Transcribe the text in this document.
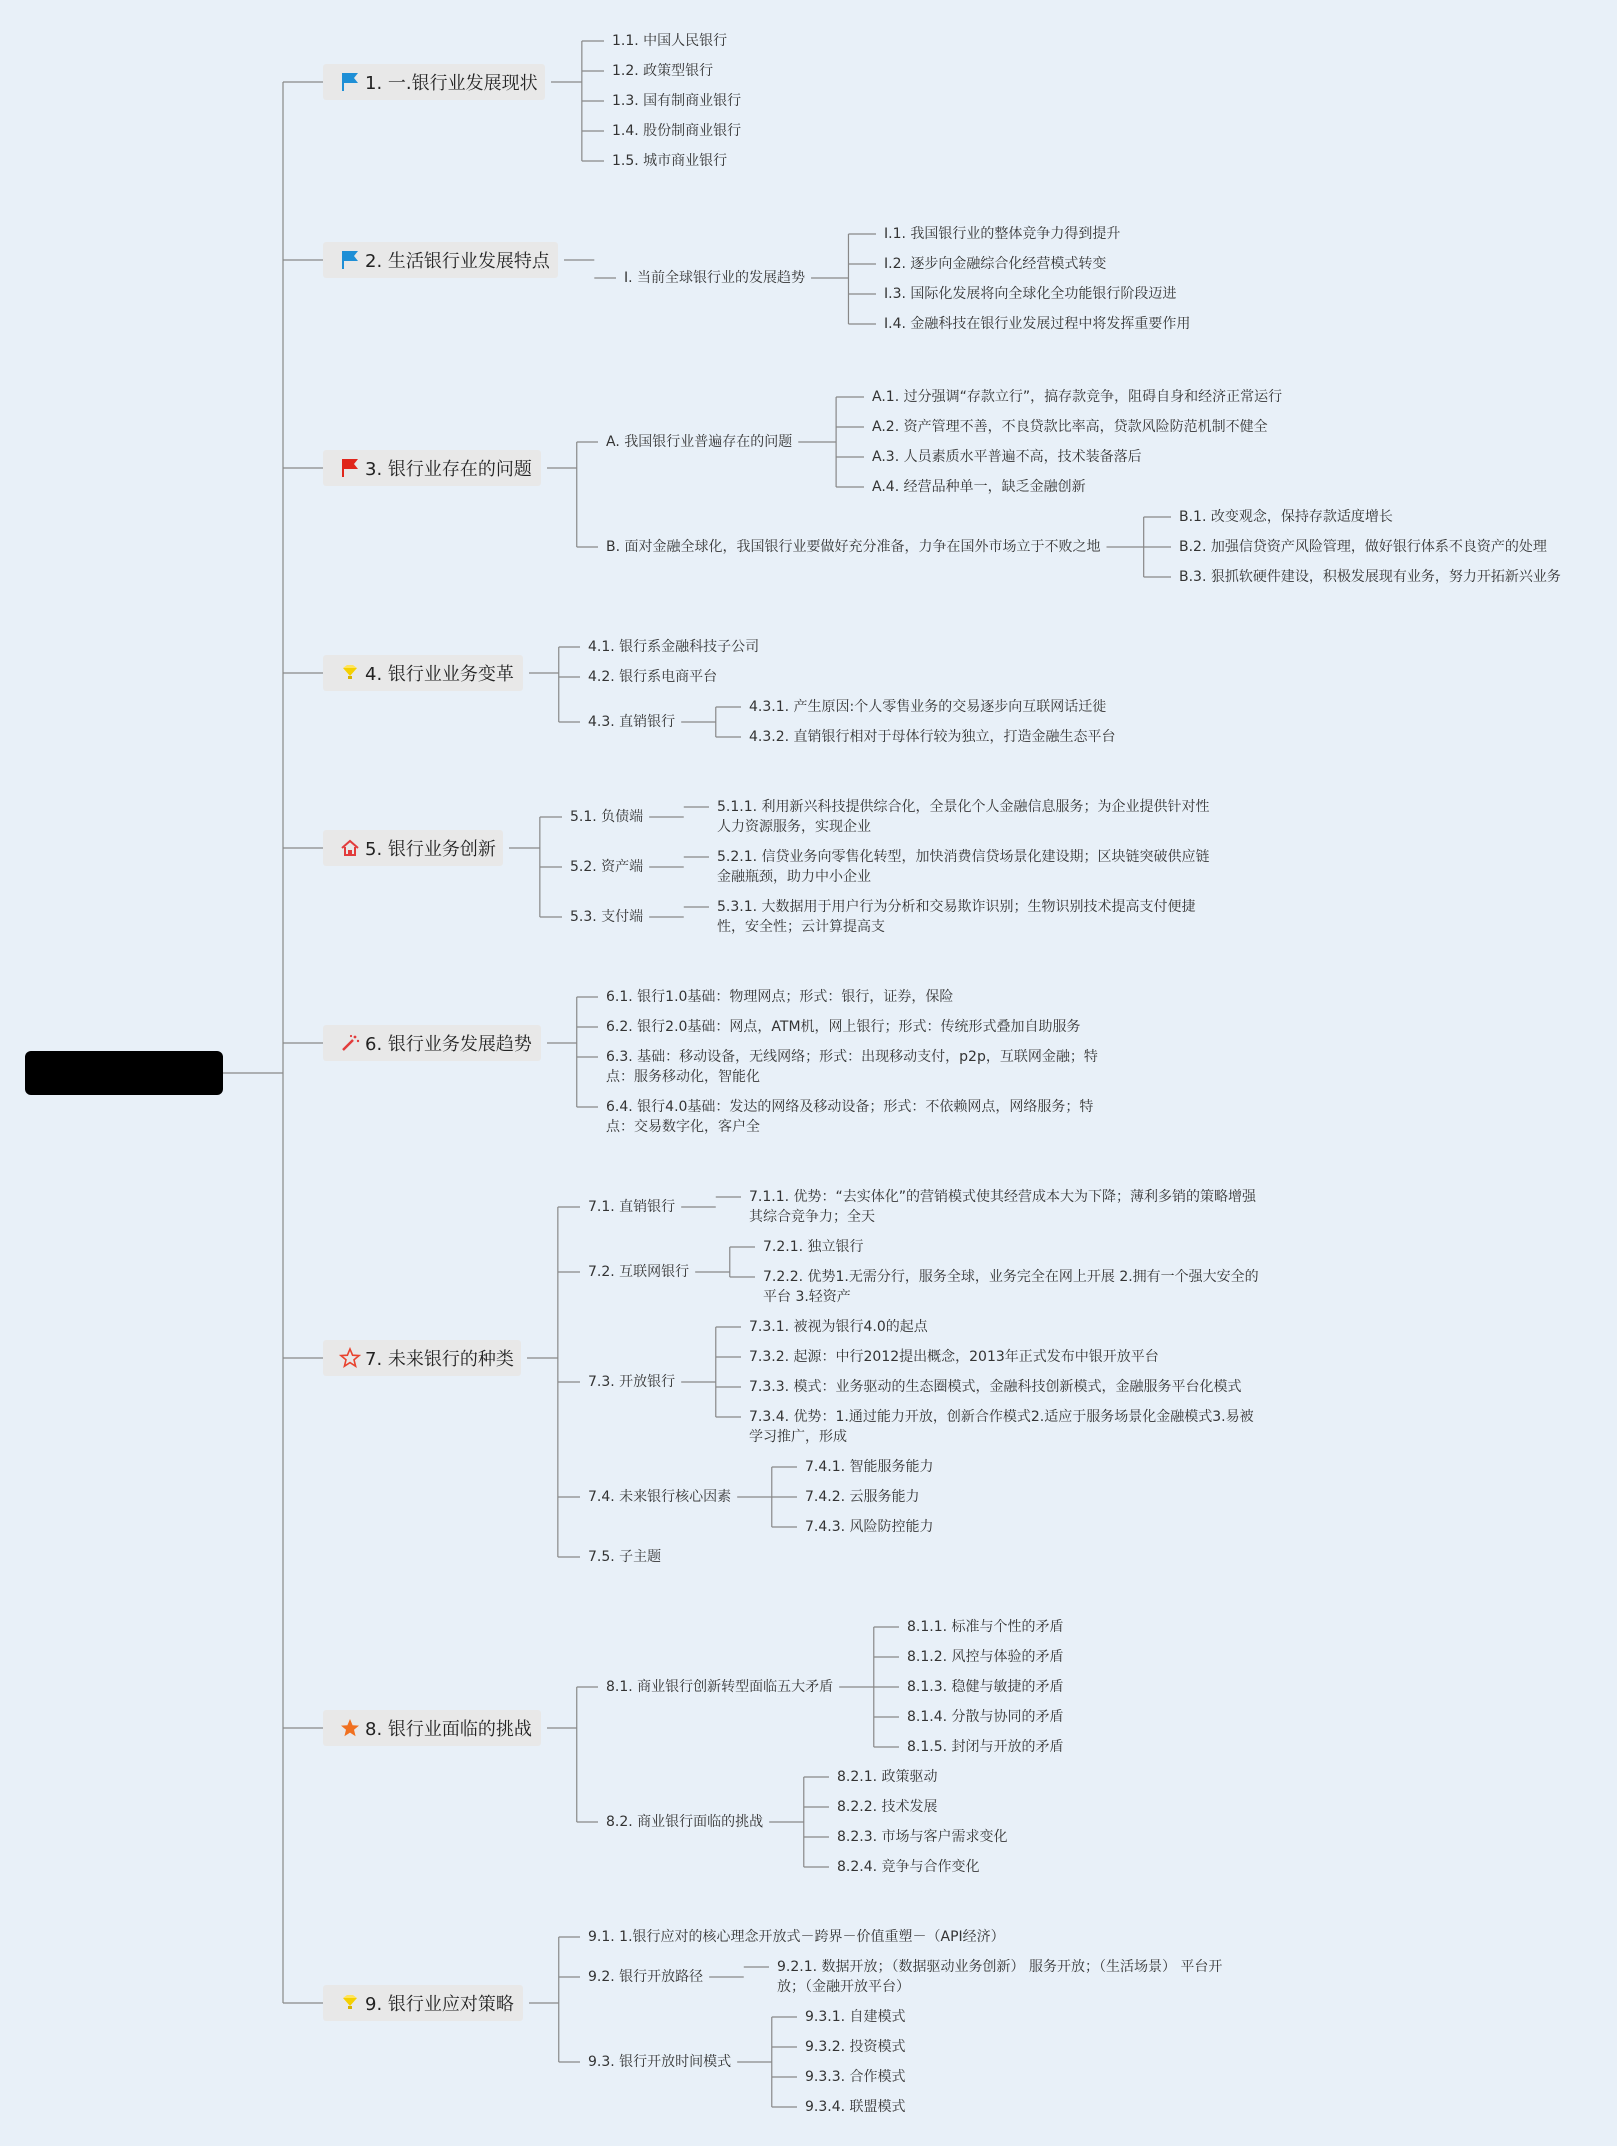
1. 一.银行业发展现状
2. 生活银行业发展特点
3. 银行业存在的问题
4. 银行业业务变革
5. 银行业务创新
6. 银行业务发展趋势
7. 未来银行的种类
8. 银行业面临的挑战
9. 银行业应对策略
1.1. 中国人民银行
1.2. 政策型银行
1.3. 国有制商业银行
1.4. 股份制商业银行
1.5. 城市商业银行
I. 当前全球银行业的发展趋势
I.1. 我国银行业的整体竞争力得到提升
I.2. 逐步向金融综合化经营模式转变
I.3. 国际化发展将向全球化全功能银行阶段迈进
I.4. 金融科技在银行业发展过程中将发挥重要作用
A. 我国银行业普遍存在的问题
A.1. 过分强调“存款立行”，搞存款竞争，阻碍自身和经济正常运行
A.2. 资产管理不善，不良贷款比率高，贷款风险防范机制不健全
A.3. 人员素质水平普遍不高，技术装备落后
A.4. 经营品种单一，缺乏金融创新
B. 面对金融全球化，我国银行业要做好充分准备，力争在国外市场立于不败之地
B.1. 改变观念，保持存款适度增长
B.2. 加强信贷资产风险管理，做好银行体系不良资产的处理
B.3. 狠抓软硬件建设，积极发展现有业务，努力开拓新兴业务
4.1. 银行系金融科技子公司
4.2. 银行系电商平台
4.3. 直销银行
4.3.1. 产生原因:个人零售业务的交易逐步向互联网话迁徙
4.3.2. 直销银行相对于母体行较为独立，打造金融生态平台
5.1. 负债端
5.1.1. 利用新兴科技提供综合化，全景化个人金融信息服务；为企业提供针对性人力资源服务，实现企业
5.2. 资产端
5.2.1. 信贷业务向零售化转型，加快消费信贷场景化建设期；区块链突破供应链金融瓶颈，助力中小企业
5.3. 支付端
5.3.1. 大数据用于用户行为分析和交易欺诈识别；生物识别技术提高支付便捷性，安全性；云计算提高支
6.1. 银行1.0基础：物理网点；形式：银行，证券，保险
6.2. 银行2.0基础：网点，ATM机，网上银行；形式：传统形式叠加自助服务
6.3. 基础：移动设备，无线网络；形式：出现移动支付，p2p，互联网金融；特点：服务移动化，智能化
6.4. 银行4.0基础：发达的网络及移动设备；形式：不依赖网点，网络服务；特点：交易数字化，客户全
7.1. 直销银行
7.1.1. 优势：“去实体化”的营销模式使其经营成本大为下降；薄利多销的策略增强其综合竞争力；全天
7.2. 互联网银行
7.2.1. 独立银行
7.2.2. 优势1.无需分行，服务全球，业务完全在网上开展 2.拥有一个强大安全的平台 3.轻资产
7.3. 开放银行
7.3.1. 被视为银行4.0的起点
7.3.2. 起源：中行2012提出概念，2013年正式发布中银开放平台
7.3.3. 模式：业务驱动的生态圈模式，金融科技创新模式，金融服务平台化模式
7.3.4. 优势：1.通过能力开放，创新合作模式2.适应于服务场景化金融模式3.易被学习推广，形成
7.4. 未来银行核心因素
7.4.1. 智能服务能力
7.4.2. 云服务能力
7.4.3. 风险防控能力
7.5. 子主题
8.1. 商业银行创新转型面临五大矛盾
8.1.1. 标准与个性的矛盾
8.1.2. 风控与体验的矛盾
8.1.3. 稳健与敏捷的矛盾
8.1.4. 分散与协同的矛盾
8.1.5. 封闭与开放的矛盾
8.2. 商业银行面临的挑战
8.2.1. 政策驱动
8.2.2. 技术发展
8.2.3. 市场与客户需求变化
8.2.4. 竞争与合作变化
9.1. 1.银行应对的核心理念开放式－跨界－价值重塑－（API经济）
9.2. 银行开放路径
9.2.1. 数据开放；（数据驱动业务创新） 服务开放；（生活场景） 平台开放；（金融开放平台）
9.3. 银行开放时间模式
9.3.1. 自建模式
9.3.2. 投资模式
9.3.3. 合作模式
9.3.4. 联盟模式
